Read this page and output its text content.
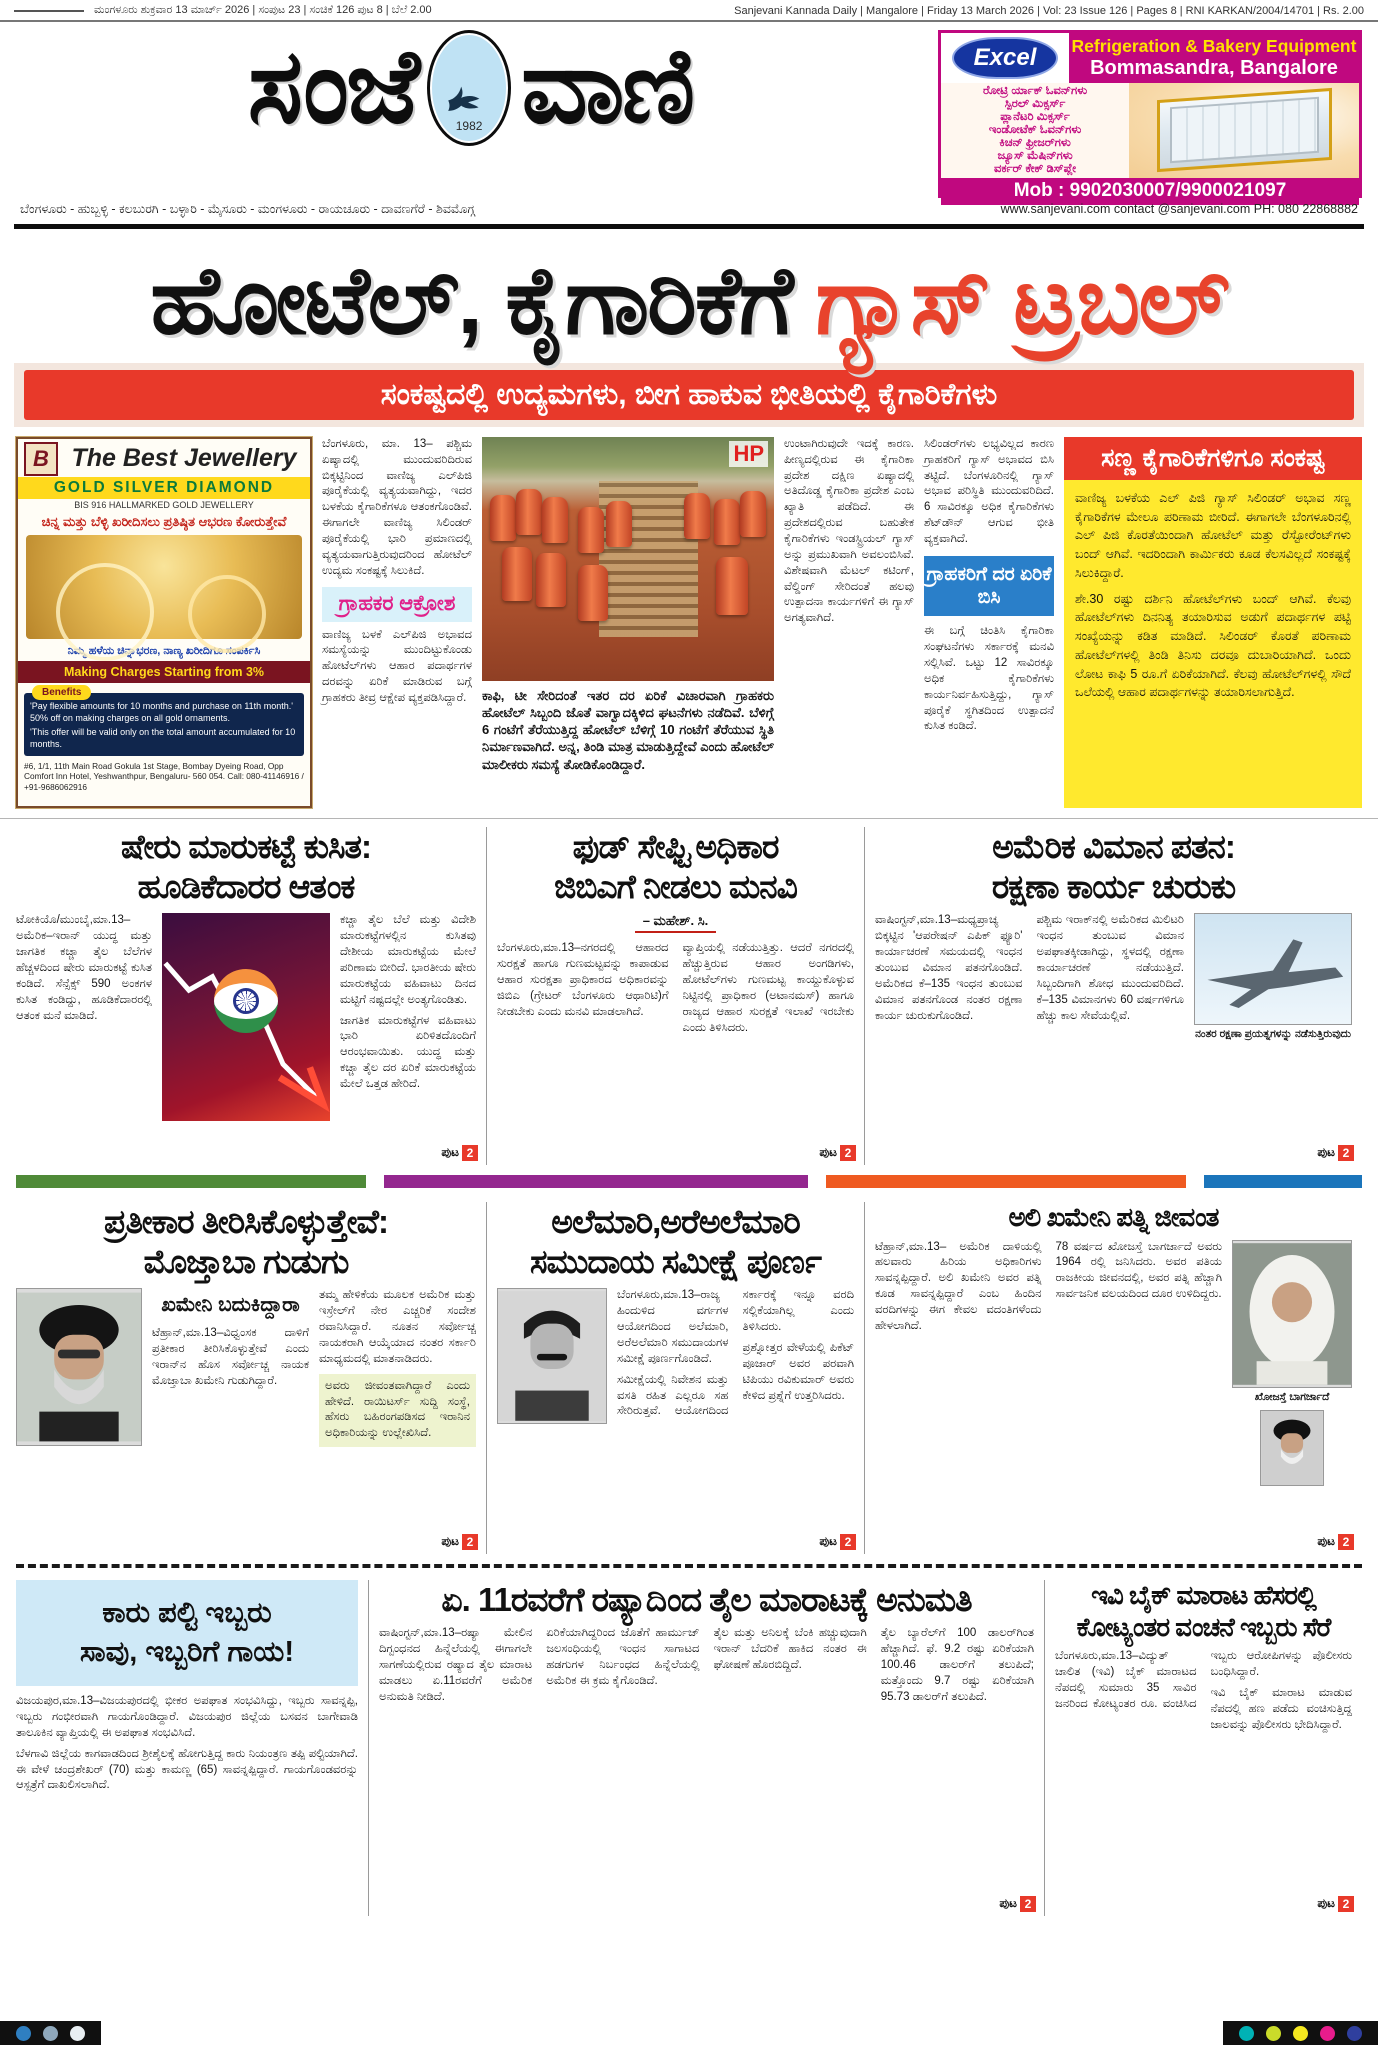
ಮಂಗಳೂರು ಶುಕ್ರವಾರ 13 ಮಾರ್ಚ್ 2026 | ಸಂಪುಟ 23 | ಸಂಚಿಕೆ 126 ಪುಟ 8 | ಬೆಲೆ 2.00	Sanjevani Kannada Daily | Mangalore | Friday 13 March 2026 | Vol: 23 Issue 126 | Pages 8 | RNI KARKAN/2004/14701 | Rs. 2.00
ಸಂಜೆ	1982 ವಾಣಿ	Excel	Refrigeration & Bakery Equipment
Bommasandra, Bangalore
ರೋಟ್ರಿ ರ್ಯಾಕ್ ಓವನ್‌ಗಳು
ಸ್ಪಿರಲ್ ಮಿಕ್ಸರ್ಸ್
ಪ್ಲಾನೆಟರಿ ಮಿಕ್ಸರ್ಸ್
ಇಂಡೋಟೆಕ್ ಓವನ್‌ಗಳು
ಕಿಚನ್ ಫ್ರೀಜರ್‌ಗಳು
ಜ್ಯೂಸ್ ಮೆಷಿನ್‌ಗಳು
ವರ್ಕರ್ ಕೇಕ್ ಡಿಸ್‌ಪ್ಲೇ
Mob : 9902030007/9900021097
ಬೆಂಗಳೂರು - ಹುಬ್ಬಳ್ಳಿ - ಕಲಬುರಗಿ - ಬಳ್ಳಾರಿ - ಮೈಸೂರು - ಮಂಗಳೂರು - ರಾಯಚೂರು - ದಾವಣಗೆರೆ - ಶಿವಮೊಗ್ಗ	www.sanjevani.com contact @sanjevani.com PH: 080 22868882
ಹೋಟೆಲ್, ಕೈಗಾರಿಕೆಗೆ ಗ್ಯಾಸ್ ಟ್ರಬಲ್
ಸಂಕಷ್ಟದಲ್ಲಿ ಉದ್ಯಮಗಳು, ಬೀಗ ಹಾಕುವ ಭೀತಿಯಲ್ಲಿ ಕೈಗಾರಿಕೆಗಳು
B The Best Jewellery
GOLD SILVER DIAMOND
BIS 916 HALLMARKED GOLD JEWELLERY
ಚಿನ್ನ ಮತ್ತು ಬೆಳ್ಳಿ ಖರೀದಿಸಲು ಪ್ರತಿಷ್ಠಿತ ಆಭರಣ ಕೋರುತ್ತೇವೆ
ನಿಮ್ಮ ಹಳೆಯ ಚಿನ್ನಾಭರಣ, ನಾಣ್ಯ ಖರೀದಿಗೂ ಸಂಪರ್ಕಿಸಿ
Making Charges Starting from 3%
Benefits

'Pay flexible amounts for 10 months and purchase on 11th month.' 50% off on making charges on all gold ornaments.

'This offer will be valid only on the total amount accumulated for 10 months.

#6, 1/1, 11th Main Road Gokula 1st Stage, Bombay Dyeing Road, Opp Comfort Inn Hotel, Yeshwanthpur, Bengaluru- 560 054. Call: 080-41146916 / +91-9686062916

ಬೆಂಗಳೂರು, ಮಾ. 13– ಪಶ್ಚಿಮ ಏಷ್ಯಾದಲ್ಲಿ ಮುಂದುವರಿದಿರುವ ಬಿಕ್ಕಟ್ಟಿನಿಂದ ವಾಣಿಜ್ಯ ಎಲ್‌ಪಿಜಿ ಪೂರೈಕೆಯಲ್ಲಿ ವ್ಯತ್ಯಯವಾಗಿದ್ದು, ಇದರ ಬಳಕೆಯ ಕೈಗಾರಿಕೆಗಳೂ ಆತಂಕಗೊಂಡಿವೆ. ಈಗಾಗಲೇ ವಾಣಿಜ್ಯ ಸಿಲಿಂಡರ್ ಪೂರೈಕೆಯಲ್ಲಿ ಭಾರಿ ಪ್ರಮಾಣದಲ್ಲಿ ವ್ಯತ್ಯಯವಾಗುತ್ತಿರುವುದರಿಂದ ಹೋಟೆಲ್ ಉದ್ಯಮ ಸಂಕಷ್ಟಕ್ಕೆ ಸಿಲುಕಿದೆ.

ಗ್ರಾಹಕರ ಆಕ್ರೋಶ

ವಾಣಿಜ್ಯ ಬಳಕೆ ಎಲ್‌ಪಿಜಿ ಅಭಾವದ ಸಮಸ್ಯೆಯನ್ನು ಮುಂದಿಟ್ಟುಕೊಂಡು ಹೋಟೆಲ್‌ಗಳು ಆಹಾರ ಪದಾರ್ಥಗಳ ದರವನ್ನು ಏರಿಕೆ ಮಾಡಿರುವ ಬಗ್ಗೆ ಗ್ರಾಹಕರು ತೀವ್ರ ಆಕ್ಷೇಪ ವ್ಯಕ್ತಪಡಿಸಿದ್ದಾರೆ.

HP
ಕಾಫಿ, ಟೀ ಸೇರಿದಂತೆ ಇತರ ದರ ಏರಿಕೆ ವಿಚಾರವಾಗಿ ಗ್ರಾಹಕರು ಹೋಟೆಲ್ ಸಿಬ್ಬಂದಿ ಜೊತೆ ವಾಗ್ವಾದಕ್ಕಿಳಿದ ಘಟನೆಗಳು ನಡೆದಿವೆ. ಬೆಳಿಗ್ಗೆ 6 ಗಂಟೆಗೆ ತೆರೆಯುತ್ತಿದ್ದ ಹೋಟೆಲ್ ಬೆಳಿಗ್ಗೆ 10 ಗಂಟೆಗೆ ತೆರೆಯುವ ಸ್ಥಿತಿ ನಿರ್ಮಾಣವಾಗಿದೆ. ಅನ್ನ, ತಿಂಡಿ ಮಾತ್ರ ಮಾಡುತ್ತಿದ್ದೇವೆ ಎಂದು ಹೋಟೆಲ್ ಮಾಲೀಕರು ಸಮಸ್ಯೆ ತೋಡಿಕೊಂಡಿದ್ದಾರೆ.

ಉಂಟಾಗಿರುವುದೇ ಇದಕ್ಕೆ ಕಾರಣ. ಪೀಣ್ಯದಲ್ಲಿರುವ ಈ ಕೈಗಾರಿಕಾ ಪ್ರದೇಶ ದಕ್ಷಿಣ ಏಷ್ಯಾದಲ್ಲಿ ಅತಿದೊಡ್ಡ ಕೈಗಾರಿಕಾ ಪ್ರದೇಶ ಎಂಬ ಖ್ಯಾತಿ ಪಡೆದಿದೆ. ಈ ಪ್ರದೇಶದಲ್ಲಿರುವ ಬಹುತೇಕ ಕೈಗಾರಿಕೆಗಳು ಇಂಡಸ್ಟ್ರಿಯಲ್ ಗ್ಯಾಸ್ ಅನ್ನು ಪ್ರಮುಖವಾಗಿ ಅವಲಂಬಿಸಿವೆ. ವಿಶೇಷವಾಗಿ ಮೆಟಲ್ ಕಟಿಂಗ್, ವೆಲ್ಡಿಂಗ್ ಸೇರಿದಂತೆ ಹಲವು ಉತ್ಪಾದನಾ ಕಾರ್ಯಗಳಿಗೆ ಈ ಗ್ಯಾಸ್ ಅಗತ್ಯವಾಗಿದೆ.

ಸಿಲಿಂಡರ್‌ಗಳು ಲಭ್ಯವಿಲ್ಲದ ಕಾರಣ ಗ್ರಾಹಕರಿಗೆ ಗ್ಯಾಸ್ ಅಭಾವದ ಬಿಸಿ ತಟ್ಟಿದೆ. ಬೆಂಗಳೂರಿನಲ್ಲಿ ಗ್ಯಾಸ್ ಅಭಾವ ಪರಿಸ್ಥಿತಿ ಮುಂದುವರಿದಿದೆ. 6 ಸಾವಿರಕ್ಕೂ ಅಧಿಕ ಕೈಗಾರಿಕೆಗಳು ಶೆಟ್‌ಡೌನ್ ಆಗುವ ಭೀತಿ ವ್ಯಕ್ತವಾಗಿದೆ.

ಗ್ರಾಹಕರಿಗೆ ದರ ಏರಿಕೆ ಬಿಸಿ

ಈ ಬಗ್ಗೆ ಚಿಂತಿಸಿ ಕೈಗಾರಿಕಾ ಸಂಘಟನೆಗಳು ಸರ್ಕಾರಕ್ಕೆ ಮನವಿ ಸಲ್ಲಿಸಿವೆ. ಒಟ್ಟು 12 ಸಾವಿರಕ್ಕೂ ಅಧಿಕ ಕೈಗಾರಿಕೆಗಳು ಕಾರ್ಯನಿರ್ವಹಿಸುತ್ತಿದ್ದು, ಗ್ಯಾಸ್ ಪೂರೈಕೆ ಸ್ಥಗಿತದಿಂದ ಉತ್ಪಾದನೆ ಕುಸಿತ ಕಂಡಿದೆ.

ಸಣ್ಣ ಕೈಗಾರಿಕೆಗಳಿಗೂ ಸಂಕಷ್ಟ

ವಾಣಿಜ್ಯ ಬಳಕೆಯ ಎಲ್ ಪಿಜಿ ಗ್ಯಾಸ್ ಸಿಲಿಂಡರ್ ಅಭಾವ ಸಣ್ಣ ಕೈಗಾರಿಕೆಗಳ ಮೇಲೂ ಪರಿಣಾಮ ಬೀರಿದೆ. ಈಗಾಗಲೇ ಬೆಂಗಳೂರಿನಲ್ಲಿ ಎಲ್ ಪಿಜಿ ಕೊರತೆಯಿಂದಾಗಿ ಹೋಟೆಲ್ ಮತ್ತು ರೆಸ್ಟೋರೆಂಟ್‌ಗಳು ಬಂದ್ ಆಗಿವೆ. ಇದರಿಂದಾಗಿ ಕಾರ್ಮಿಕರು ಕೂಡ ಕೆಲಸವಿಲ್ಲದೆ ಸಂಕಷ್ಟಕ್ಕೆ ಸಿಲುಕಿದ್ದಾರೆ.

ಶೇ.30 ರಷ್ಟು ದರ್ಶಿನಿ ಹೋಟೆಲ್‌ಗಳು ಬಂದ್ ಆಗಿವೆ. ಕೆಲವು ಹೋಟೆಲ್‌ಗಳು ದಿನನಿತ್ಯ ತಯಾರಿಸುವ ಅಡುಗೆ ಪದಾರ್ಥಗಳ ಪಟ್ಟಿ ಸಂಖ್ಯೆಯನ್ನು ಕಡಿತ ಮಾಡಿದೆ. ಸಿಲಿಂಡರ್ ಕೊರತೆ ಪರಿಣಾಮ ಹೋಟೆಲ್‌ಗಳಲ್ಲಿ ತಿಂಡಿ ತಿನಿಸು ದರವೂ ದುಬಾರಿಯಾಗಿದೆ. ಒಂದು ಲೋಟ ಕಾಫಿ 5 ರೂ.ಗೆ ಏರಿಕೆಯಾಗಿದೆ. ಕೆಲವು ಹೋಟೆಲ್‌ಗಳಲ್ಲಿ ಸೌದೆ ಒಲೆಯಲ್ಲಿ ಆಹಾರ ಪದಾರ್ಥಗಳನ್ನು ತಯಾರಿಸಲಾಗುತ್ತಿದೆ.

ಷೇರು ಮಾರುಕಟ್ಟೆ ಕುಸಿತ:
ಹೂಡಿಕೆದಾರರ ಆತಂಕ

ಟೋಕಿಯೊ/ಮುಂಬೈ,ಮಾ.13– ಅಮೆರಿಕ–ಇರಾನ್ ಯುದ್ಧ ಮತ್ತು ಜಾಗತಿಕ ಕಚ್ಚಾ ತೈಲ ಬೆಲೆಗಳ ಹೆಚ್ಚಳದಿಂದ ಷೇರು ಮಾರುಕಟ್ಟೆ ಕುಸಿತ ಕಂಡಿದೆ. ಸೆನ್ಸೆಕ್ಸ್ 590 ಅಂಕಗಳ ಕುಸಿತ ಕಂಡಿದ್ದು, ಹೂಡಿಕೆದಾರರಲ್ಲಿ ಆತಂಕ ಮನೆ ಮಾಡಿದೆ.

ಕಚ್ಚಾ ತೈಲ ಬೆಲೆ ಮತ್ತು ವಿದೇಶಿ ಮಾರುಕಟ್ಟೆಗಳಲ್ಲಿನ ಕುಸಿತವು ದೇಶೀಯ ಮಾರುಕಟ್ಟೆಯ ಮೇಲೆ ಪರಿಣಾಮ ಬೀರಿದೆ. ಭಾರತೀಯ ಷೇರು ಮಾರುಕಟ್ಟೆಯ ವಹಿವಾಟು ದಿನದ ಮಟ್ಟಿಗೆ ನಷ್ಟದಲ್ಲೇ ಅಂತ್ಯಗೊಂಡಿತು.

ಜಾಗತಿಕ ಮಾರುಕಟ್ಟೆಗಳ ವಹಿವಾಟು ಭಾರಿ ಏರಿಳಿತದೊಂದಿಗೆ ಆರಂಭವಾಯಿತು. ಯುದ್ಧ ಮತ್ತು ಕಚ್ಚಾ ತೈಲ ದರ ಏರಿಕೆ ಮಾರುಕಟ್ಟೆಯ ಮೇಲೆ ಒತ್ತಡ ಹೇರಿದೆ.

ಪುಟ 2
ಫುಡ್ ಸೇಫ್ಟಿ ಅಧಿಕಾರ
ಜಿಬಿಎಗೆ ನೀಡಲು ಮನವಿ
– ಮಹೇಶ್. ಸಿ.

ಬೆಂಗಳೂರು,ಮಾ.13–ನಗರದಲ್ಲಿ ಆಹಾರದ ಸುರಕ್ಷತೆ ಹಾಗೂ ಗುಣಮಟ್ಟವನ್ನು ಕಾಪಾಡುವ ಆಹಾರ ಸುರಕ್ಷತಾ ಪ್ರಾಧಿಕಾರದ ಅಧಿಕಾರವನ್ನು ಜಿಬಿಎ (ಗ್ರೇಟರ್ ಬೆಂಗಳೂರು ಆಥಾರಿಟಿ)ಗೆ ನೀಡಬೇಕು ಎಂದು ಮನವಿ ಮಾಡಲಾಗಿದೆ.

ವ್ಯಾಪ್ತಿಯಲ್ಲಿ ನಡೆಯುತ್ತಿತ್ತು. ಆದರೆ ನಗರದಲ್ಲಿ ಹೆಚ್ಚುತ್ತಿರುವ ಆಹಾರ ಅಂಗಡಿಗಳು, ಹೋಟೆಲ್‌ಗಳು ಗುಣಮಟ್ಟ ಕಾಯ್ದುಕೊಳ್ಳುವ ನಿಟ್ಟಿನಲ್ಲಿ ಪ್ರಾಧಿಕಾರ (ಅಟಾನಮಸ್) ಹಾಗೂ ರಾಜ್ಯದ ಆಹಾರ ಸುರಕ್ಷತೆ ಇಲಾಖೆ ಇರಬೇಕು ಎಂದು ತಿಳಿಸಿದರು.

ಪುಟ 2
ಅಮೆರಿಕ ವಿಮಾನ ಪತನ:
ರಕ್ಷಣಾ ಕಾರ್ಯ ಚುರುಕು

ವಾಷಿಂಗ್ಟನ್,ಮಾ.13–ಮಧ್ಯಪ್ರಾಚ್ಯ ಬಿಕ್ಕಟ್ಟಿನ 'ಆಪರೇಷನ್ ಎಪಿಕ್ ಫ್ಯೂರಿ' ಕಾರ್ಯಾಚರಣೆ ಸಮಯದಲ್ಲಿ ಇಂಧನ ತುಂಬುವ ವಿಮಾನ ಪತನಗೊಂಡಿದೆ. ಅಮೆರಿಕದ ಕೆ–135 ಇಂಧನ ತುಂಬುವ ವಿಮಾನ ಪತನಗೊಂಡ ನಂತರ ರಕ್ಷಣಾ ಕಾರ್ಯ ಚುರುಕುಗೊಂಡಿದೆ.

ಪಶ್ಚಿಮ ಇರಾಕ್‌ನಲ್ಲಿ ಅಮೆರಿಕದ ಮಿಲಿಟರಿ ಇಂಧನ ತುಂಬುವ ವಿಮಾನ ಅಪಘಾತಕ್ಕೀಡಾಗಿದ್ದು, ಸ್ಥಳದಲ್ಲಿ ರಕ್ಷಣಾ ಕಾರ್ಯಾಚರಣೆ ನಡೆಯುತ್ತಿದೆ. ಸಿಬ್ಬಂದಿಗಾಗಿ ಶೋಧ ಮುಂದುವರಿದಿದೆ. ಕೆ–135 ವಿಮಾನಗಳು 60 ವರ್ಷಗಳಿಗೂ ಹೆಚ್ಚು ಕಾಲ ಸೇವೆಯಲ್ಲಿವೆ.

ನಂತರ ರಕ್ಷಣಾ ಪ್ರಯತ್ನಗಳನ್ನು ನಡೆಸುತ್ತಿರುವುದು
ಪುಟ 2
ಪ್ರತೀಕಾರ ತೀರಿಸಿಕೊಳ್ಳುತ್ತೇವೆ:
ಮೊಜ್ತಾಬಾ ಗುಡುಗು
ಖಮೇನಿ ಬದುಕಿದ್ದಾರಾ

ಟೆಹ್ರಾನ್,ಮಾ.13–ವಿಧ್ವಂಸಕ ದಾಳಿಗೆ ಪ್ರತೀಕಾರ ತೀರಿಸಿಕೊಳ್ಳುತ್ತೇವೆ ಎಂದು ಇರಾನ್‌ನ ಹೊಸ ಸರ್ವೋಚ್ಚ ನಾಯಕ ಮೊಜ್ತಾಬಾ ಖಮೇನಿ ಗುಡುಗಿದ್ದಾರೆ.

ತಮ್ಮ ಹೇಳಿಕೆಯ ಮೂಲಕ ಅಮೆರಿಕ ಮತ್ತು ಇಸ್ರೇಲ್‌ಗೆ ನೇರ ಎಚ್ಚರಿಕೆ ಸಂದೇಶ ರವಾನಿಸಿದ್ದಾರೆ. ನೂತನ ಸರ್ವೋಚ್ಚ ನಾಯಕರಾಗಿ ಆಯ್ಕೆಯಾದ ನಂತರ ಸರ್ಕಾರಿ ಮಾಧ್ಯಮದಲ್ಲಿ ಮಾತನಾಡಿದರು.

ಅವರು ಜೀವಂತವಾಗಿದ್ದಾರೆ ಎಂದು ಹೇಳಿದೆ. ರಾಯಿಟರ್ಸ್ ಸುದ್ದಿ ಸಂಸ್ಥೆ, ಹೆಸರು ಬಹಿರಂಗಪಡಿಸದ ಇರಾನಿನ ಅಧಿಕಾರಿಯನ್ನು ಉಲ್ಲೇಖಿಸಿದೆ.
ಪುಟ 2
ಅಲೆಮಾರಿ,ಅರೆಅಲೆಮಾರಿ
ಸಮುದಾಯ ಸಮೀಕ್ಷೆ ಪೂರ್ಣ

ಬೆಂಗಳೂರು,ಮಾ.13–ರಾಜ್ಯ ಹಿಂದುಳಿದ ವರ್ಗಗಳ ಆಯೋಗದಿಂದ ಅಲೆಮಾರಿ, ಅರೆಅಲೆಮಾರಿ ಸಮುದಾಯಗಳ ಸಮೀಕ್ಷೆ ಪೂರ್ಣಗೊಂಡಿದೆ.

ಸಮೀಕ್ಷೆಯಲ್ಲಿ ನಿವೇಶನ ಮತ್ತು ವಸತಿ ರಹಿತ ಎಲ್ಲರೂ ಸಹ ಸೇರಿರುತ್ತವೆ. ಆಯೋಗದಿಂದ ಸರ್ಕಾರಕ್ಕೆ ಇನ್ನೂ ವರದಿ ಸಲ್ಲಿಕೆಯಾಗಿಲ್ಲ ಎಂದು ತಿಳಿಸಿದರು.

ಪ್ರಶ್ನೋತ್ತರ ವೇಳೆಯಲ್ಲಿ ಪಿಕೆಟ್ ಪೂಜಾರ್ ಅವರ ಪರವಾಗಿ ಟಿಪಿಯು ರವಿಕುಮಾರ್ ಅವರು ಕೇಳಿದ ಪ್ರಶ್ನೆಗೆ ಉತ್ತರಿಸಿದರು.

ಪುಟ 2
ಅಲಿ ಖಮೇನಿ ಪತ್ನಿ ಜೀವಂತ

ಟೆಹ್ರಾನ್,ಮಾ.13– ಅಮೆರಿಕ ದಾಳಿಯಲ್ಲಿ ಹಲವಾರು ಹಿರಿಯ ಅಧಿಕಾರಿಗಳು ಸಾವನ್ನಪ್ಪಿದ್ದಾರೆ. ಅಲಿ ಖಮೇನಿ ಅವರ ಪತ್ನಿ ಕೂಡ ಸಾವನ್ನಪ್ಪಿದ್ದಾರೆ ಎಂಬ ಹಿಂದಿನ ವರದಿಗಳನ್ನು ಈಗ ಕೇವಲ ವದಂತಿಗಳೆಂದು ಹೇಳಲಾಗಿದೆ.

78 ವರ್ಷದ ಖೋಜಸ್ತೆ ಬಾಗರ್ಜಾದೆ ಅವರು 1964 ರಲ್ಲಿ ಜನಿಸಿದರು. ಅವರ ಪತಿಯ ರಾಜಕೀಯ ಜೀವನದಲ್ಲಿ, ಅವರ ಪತ್ನಿ ಹೆಚ್ಚಾಗಿ ಸಾರ್ವಜನಿಕ ವಲಯದಿಂದ ದೂರ ಉಳಿದಿದ್ದರು.

ಖೋಜಸ್ತೆ ಬಾಗರ್ಜಾದೆ
ಪುಟ 2
ಕಾರು ಪಲ್ಟಿ ಇಬ್ಬರು
ಸಾವು, ಇಬ್ಬರಿಗೆ ಗಾಯ!

ವಿಜಯಪುರ,ಮಾ.13–ವಿಜಯಪುರದಲ್ಲಿ ಭೀಕರ ಅಪಘಾತ ಸಂಭವಿಸಿದ್ದು, ಇಬ್ಬರು ಸಾವನ್ನಪ್ಪಿ, ಇಬ್ಬರು ಗಂಭೀರವಾಗಿ ಗಾಯಗೊಂಡಿದ್ದಾರೆ. ವಿಜಯಪುರ ಜಿಲ್ಲೆಯ ಬಸವನ ಬಾಗೇವಾಡಿ ತಾಲೂಕಿನ ವ್ಯಾಪ್ತಿಯಲ್ಲಿ ಈ ಅಪಘಾತ ಸಂಭವಿಸಿದೆ.

ಬೆಳಗಾವಿ ಜಿಲ್ಲೆಯ ಕಾಗವಾಡದಿಂದ ಶ್ರೀಶೈಲಕ್ಕೆ ಹೋಗುತ್ತಿದ್ದ ಕಾರು ನಿಯಂತ್ರಣ ತಪ್ಪಿ ಪಲ್ಟಿಯಾಗಿದೆ. ಈ ವೇಳೆ ಚಂದ್ರಶೇಖರ್ (70) ಮತ್ತು ಕಾಮಣ್ಣ (65) ಸಾವನ್ನಪ್ಪಿದ್ದಾರೆ. ಗಾಯಗೊಂಡವರನ್ನು ಆಸ್ಪತ್ರೆಗೆ ದಾಖಲಿಸಲಾಗಿದೆ.

ಏ. 11ರವರೆಗೆ ರಷ್ಯಾದಿಂದ ತೈಲ ಮಾರಾಟಕ್ಕೆ ಅನುಮತಿ

ವಾಷಿಂಗ್ಟನ್,ಮಾ.13–ರಷ್ಯಾ ಮೇಲಿನ ದಿಗ್ಬಂಧನದ ಹಿನ್ನೆಲೆಯಲ್ಲಿ ಈಗಾಗಲೇ ಸಾಗಣೆಯಲ್ಲಿರುವ ರಷ್ಯಾದ ತೈಲ ಮಾರಾಟ ಮಾಡಲು ಏ.11ರವರೆಗೆ ಅಮೆರಿಕ ಅನುಮತಿ ನೀಡಿದೆ.

ಏರಿಕೆಯಾಗಿದ್ದರಿಂದ ಜೊತೆಗೆ ಹಾರ್ಮುಜ್ ಜಲಸಂಧಿಯಲ್ಲಿ ಇಂಧನ ಸಾಗಾಟದ ಹಡಗುಗಳ ನಿರ್ಬಂಧದ ಹಿನ್ನೆಲೆಯಲ್ಲಿ ಅಮೆರಿಕ ಈ ಕ್ರಮ ಕೈಗೊಂಡಿದೆ.

ತೈಲ ಮತ್ತು ಅನಿಲಕ್ಕೆ ಬೆಂಕಿ ಹಚ್ಚುವುದಾಗಿ ಇರಾನ್ ಬೆದರಿಕೆ ಹಾಕಿದ ನಂತರ ಈ ಘೋಷಣೆ ಹೊರಬಿದ್ದಿದೆ.

ತೈಲ ಬ್ಯಾರೆಲ್‌ಗೆ 100 ಡಾಲರ್‌ಗಿಂತ ಹೆಚ್ಚಾಗಿದೆ. ಫೆ. 9.2 ರಷ್ಟು ಏರಿಕೆಯಾಗಿ 100.46 ಡಾಲರ್‌ಗೆ ತಲುಪಿದೆ; ಮತ್ತೊಂದು 9.7 ರಷ್ಟು ಏರಿಕೆಯಾಗಿ 95.73 ಡಾಲರ್‌ಗೆ ತಲುಪಿದೆ.

ಪುಟ 2
ಇವಿ ಬೈಕ್ ಮಾರಾಟ ಹೆಸರಲ್ಲಿ
ಕೋಟ್ಯಂತರ ವಂಚನೆ ಇಬ್ಬರು ಸೆರೆ

ಬೆಂಗಳೂರು,ಮಾ.13–ವಿದ್ಯುತ್ ಚಾಲಿತ (ಇವಿ) ಬೈಕ್ ಮಾರಾಟದ ನೆಪದಲ್ಲಿ ಸುಮಾರು 35 ಸಾವಿರ ಜನರಿಂದ ಕೋಟ್ಯಂತರ ರೂ. ವಂಚಿಸಿದ ಇಬ್ಬರು ಆರೋಪಿಗಳನ್ನು ಪೊಲೀಸರು ಬಂಧಿಸಿದ್ದಾರೆ.

ಇವಿ ಬೈಕ್ ಮಾರಾಟ ಮಾಡುವ ನೆಪದಲ್ಲಿ ಹಣ ಪಡೆದು ವಂಚಿಸುತ್ತಿದ್ದ ಜಾಲವನ್ನು ಪೊಲೀಸರು ಭೇದಿಸಿದ್ದಾರೆ.

ಪುಟ 2
